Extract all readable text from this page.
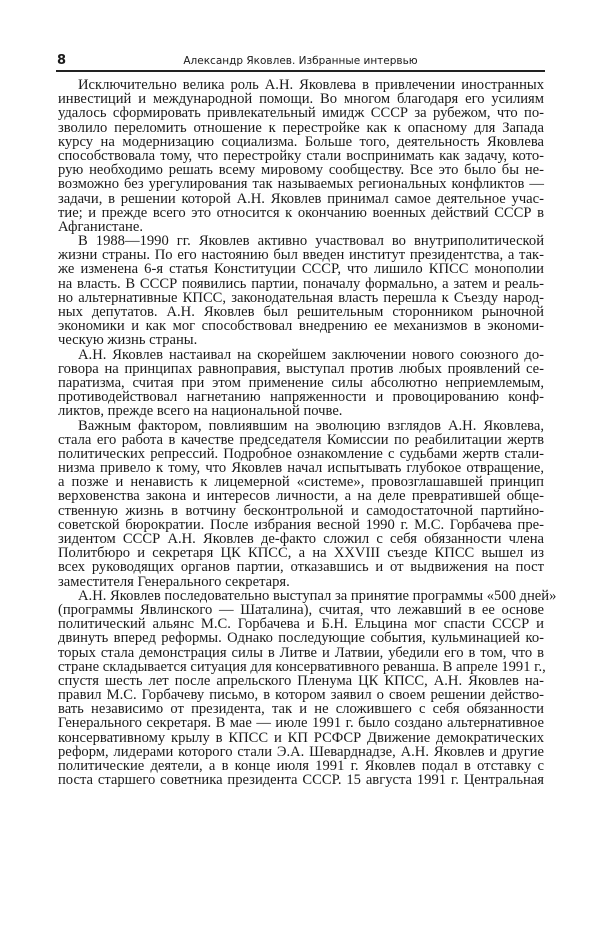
8	Александр Яковлев. Избранные интервью
Исключительно велика роль А.Н. Яковлева в привлечении иностранных
инвестиций и международной помощи. Во многом благодаря его усилиям
удалось сформировать привлекательный имидж СССР за рубежом, что по-
зволило переломить отношение к перестройке как к опасному для Запада
курсу на модернизацию социализма. Больше того, деятельность Яковлева
способствовала тому, что перестройку стали воспринимать как задачу, кото-
рую необходимо решать всему мировому сообществу. Все это было бы не-
возможно без урегулирования так называемых региональных конфликтов —
задачи, в решении которой А.Н. Яковлев принимал самое деятельное учас-
тие; и прежде всего это относится к окончанию военных действий СССР в
Афганистане.
В 1988—1990 гг. Яковлев активно участвовал во внутриполитической
жизни страны. По его настоянию был введен институт президентства, а так-
же изменена 6-я статья Конституции СССР, что лишило КПСС монополии
на власть. В СССР появились партии, поначалу формально, а затем и реаль-
но альтернативные КПСС, законодательная власть перешла к Съезду народ-
ных депутатов. А.Н. Яковлев был решительным сторонником рыночной
экономики и как мог способствовал внедрению ее механизмов в экономи-
ческую жизнь страны.
А.Н. Яковлев настаивал на скорейшем заключении нового союзного до-
говора на принципах равноправия, выступал против любых проявлений се-
паратизма, считая при этом применение силы абсолютно неприемлемым,
противодействовал нагнетанию напряженности и провоцированию конф-
ликтов, прежде всего на национальной почве.
Важным фактором, повлиявшим на эволюцию взглядов А.Н. Яковлева,
стала его работа в качестве председателя Комиссии по реабилитации жертв
политических репрессий. Подробное ознакомление с судьбами жертв стали-
низма привело к тому, что Яковлев начал испытывать глубокое отвращение,
а позже и ненависть к лицемерной «системе», провозглашавшей принцип
верховенства закона и интересов личности, а на деле превратившей обще-
ственную жизнь в вотчину бесконтрольной и самодостаточной партийно-
советской бюрократии. После избрания весной 1990 г. М.С. Горбачева пре-
зидентом СССР А.Н. Яковлев де-факто сложил с себя обязанности члена
Политбюро и секретаря ЦК КПСС, а на XXVIII съезде КПСС вышел из
всех руководящих органов партии, отказавшись и от выдвижения на пост
заместителя Генерального секретаря.
А.Н. Яковлев последовательно выступал за принятие программы «500 дней»
(программы Явлинского — Шаталина), считая, что лежавший в ее основе
политический альянс М.С. Горбачева и Б.Н. Ельцина мог спасти СССР и
двинуть вперед реформы. Однако последующие события, кульминацией ко-
торых стала демонстрация силы в Литве и Латвии, убедили его в том, что в
стране складывается ситуация для консервативного реванша. В апреле 1991 г.,
спустя шесть лет после апрельского Пленума ЦК КПСС, А.Н. Яковлев на-
правил М.С. Горбачеву письмо, в котором заявил о своем решении действо-
вать независимо от президента, так и не сложившего с себя обязанности
Генерального секретаря. В мае — июле 1991 г. было создано альтернативное
консервативному крылу в КПСС и КП РСФСР Движение демократических
реформ, лидерами которого стали Э.А. Шеварднадзе, А.Н. Яковлев и другие
политические деятели, а в конце июля 1991 г. Яковлев подал в отставку с
поста старшего советника президента СССР. 15 августа 1991 г. Центральная
